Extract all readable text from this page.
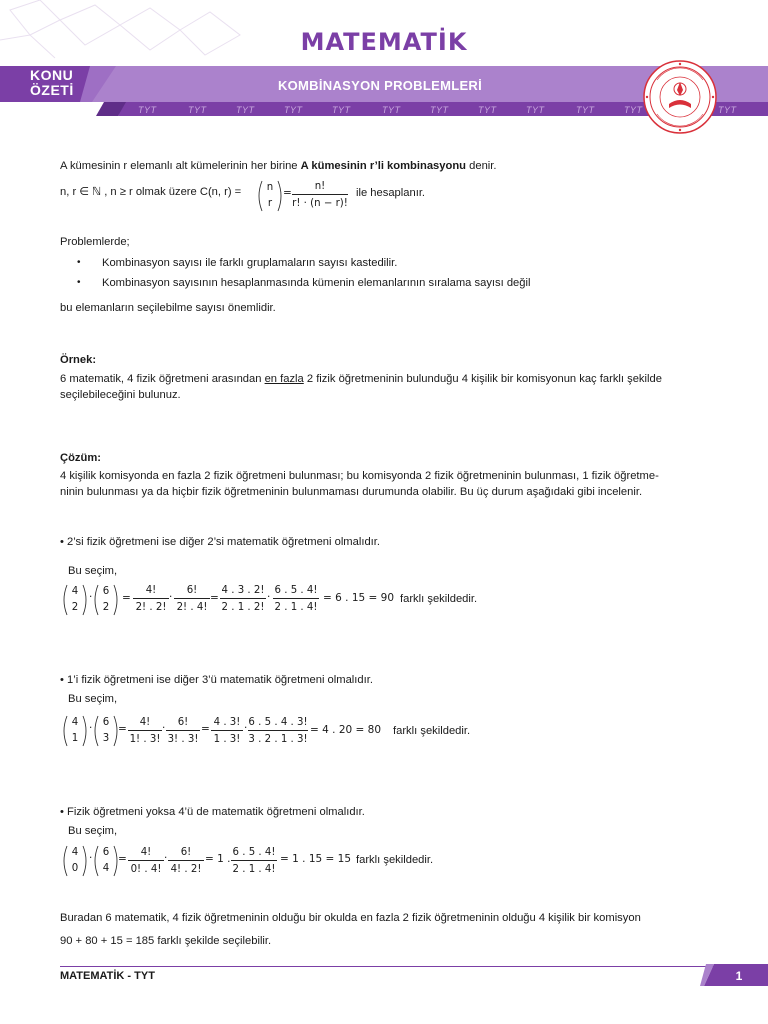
MATEMATİK
KONU
ÖZETİ	KOMBİNASYON PROBLEMLERİ
TYT	TYT	TYT	TYT	TYT	TYT	TYT	TYT	TYT	TYT	TYT	TYT
A kümesinin r elemanlı alt kümelerinin her birine A kümesinin r’li kombinasyonu denir.
n, r ∈ ℕ , n ≥ r olmak üzere C(n, r) =	n
r
= $\frac{n!}{r! \cdot (n - r)!}$ ile hesaplanır.
Problemlerde;
• Kombinasyon sayısı ile farklı gruplamaların sayısı kastedilir.
• Kombinasyon sayısının hesaplanmasında kümenin elemanlarının sıralama sayısı değil
bu elemanların seçilebilme sayısı önemlidir.
Örnek:
6 matematik, 4 fizik öğretmeni arasından en fazla 2 fizik öğretmeninin bulunduğu 4 kişilik bir komisyonun kaç farklı şekilde
seçilebileceğini bulunuz.
Çözüm:
4 kişilik komisyonda en fazla 2 fizik öğretmeni bulunması; bu komisyonda 2 fizik öğretmeninin bulunması, 1 fizik öğretme-
ninin bulunması ya da hiçbir fizik öğretmeninin bulunmaması durumunda olabilir. Bu üç durum aşağıdaki gibi incelenir.
• 2’si fizik öğretmeni ise diğer 2’si matematik öğretmeni olmalıdır.
Bu seçim,
4
2
·	6
2
= $\frac{4!}{2! . 2!} \cdot \frac{6!}{2! . 4!} = \frac{4 . 3 . 2!}{2 . 1 . 2!} \cdot \frac{6 . 5 . 4!}{2 . 1 . 4!} = 6$ . 15 = 90 farklı şekildedir.
• 1’i fizik öğretmeni ise diğer 3’ü matematik öğretmeni olmalıdır.
Bu seçim,
4
1
·	6
3
= $\frac{4!}{1! . 3!} \cdot \frac{6!}{3! . 3!} = \frac{4 . 3!}{1 . 3!} \cdot \frac{6 . 5 . 4 . 3!}{3 . 2 . 1 . 3!} = 4$ . 20 = 80 farklı şekildedir.
• Fizik öğretmeni yoksa 4’ü de matematik öğretmeni olmalıdır.
Bu seçim,
4
0
·	6
4
= $\frac{4!}{0! . 4!} \cdot \frac{6!}{4! . 2!} = 1$ . $\frac{6 . 5 . 4!}{2 . 1 . 4!} = 1$ . 15 = 15 farklı şekildedir.
Buradan 6 matematik, 4 fizik öğretmeninin olduğu bir okulda en fazla 2 fizik öğretmeninin olduğu 4 kişilik bir komisyon
90 + 80 + 15 = 185 farklı şekilde seçilebilir.
MATEMATİK - TYT	1
